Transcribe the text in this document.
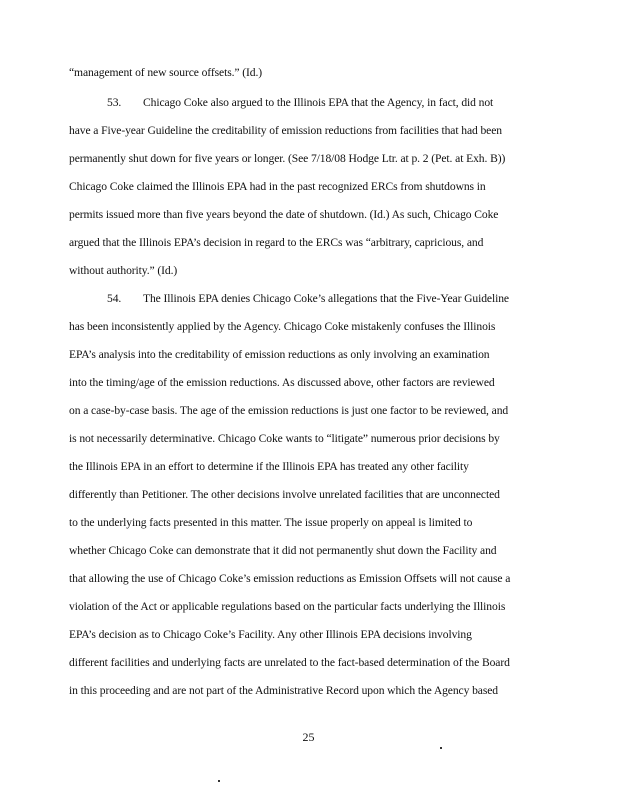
“management of new source offsets.” (Id.)
53. Chicago Coke also argued to the Illinois EPA that the Agency, in fact, did not
have a Five-year Guideline the creditability of emission reductions from facilities that had been
permanently shut down for five years or longer. (See 7/18/08 Hodge Ltr. at p. 2 (Pet. at Exh. B))
Chicago Coke claimed the Illinois EPA had in the past recognized ERCs from shutdowns in
permits issued more than five years beyond the date of shutdown. (Id.) As such, Chicago Coke
argued that the Illinois EPA’s decision in regard to the ERCs was “arbitrary, capricious, and
without authority.” (Id.)
54. The Illinois EPA denies Chicago Coke’s allegations that the Five-Year Guideline
has been inconsistently applied by the Agency. Chicago Coke mistakenly confuses the Illinois
EPA’s analysis into the creditability of emission reductions as only involving an examination
into the timing/age of the emission reductions. As discussed above, other factors are reviewed
on a case-by-case basis. The age of the emission reductions is just one factor to be reviewed, and
is not necessarily determinative. Chicago Coke wants to “litigate” numerous prior decisions by
the Illinois EPA in an effort to determine if the Illinois EPA has treated any other facility
differently than Petitioner. The other decisions involve unrelated facilities that are unconnected
to the underlying facts presented in this matter. The issue properly on appeal is limited to
whether Chicago Coke can demonstrate that it did not permanently shut down the Facility and
that allowing the use of Chicago Coke’s emission reductions as Emission Offsets will not cause a
violation of the Act or applicable regulations based on the particular facts underlying the Illinois
EPA’s decision as to Chicago Coke’s Facility. Any other Illinois EPA decisions involving
different facilities and underlying facts are unrelated to the fact-based determination of the Board
in this proceeding and are not part of the Administrative Record upon which the Agency based
25
